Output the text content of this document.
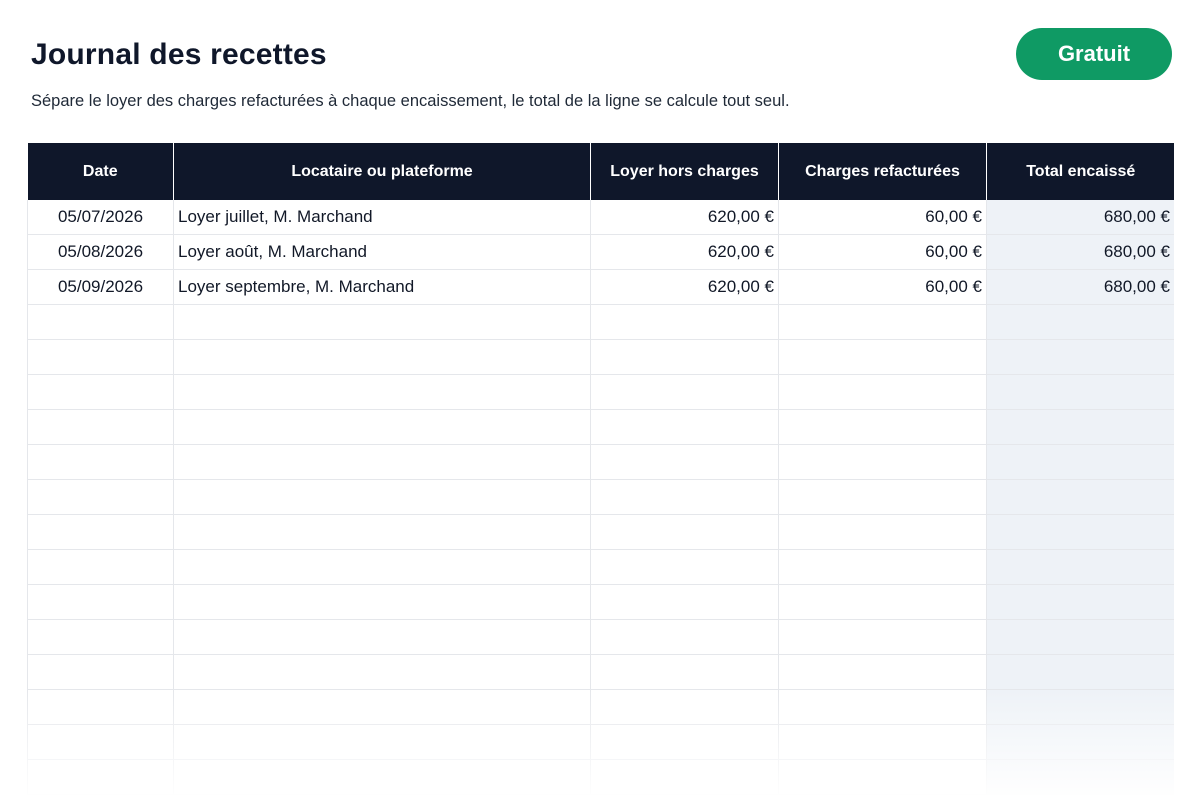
Journal des recettes

Sépare le loyer des charges refacturées à chaque encaissement, le total de la ligne se calcule tout seul.

Gratuit
Date	Locataire ou plateforme	Loyer hors charges	Charges refacturées	Total encaissé
05/07/2026	Loyer juillet, M. Marchand	620,00 €	60,00 €	680,00 €
05/08/2026	Loyer août, M. Marchand	620,00 €	60,00 €	680,00 €
05/09/2026	Loyer septembre, M. Marchand	620,00 €	60,00 €	680,00 €
